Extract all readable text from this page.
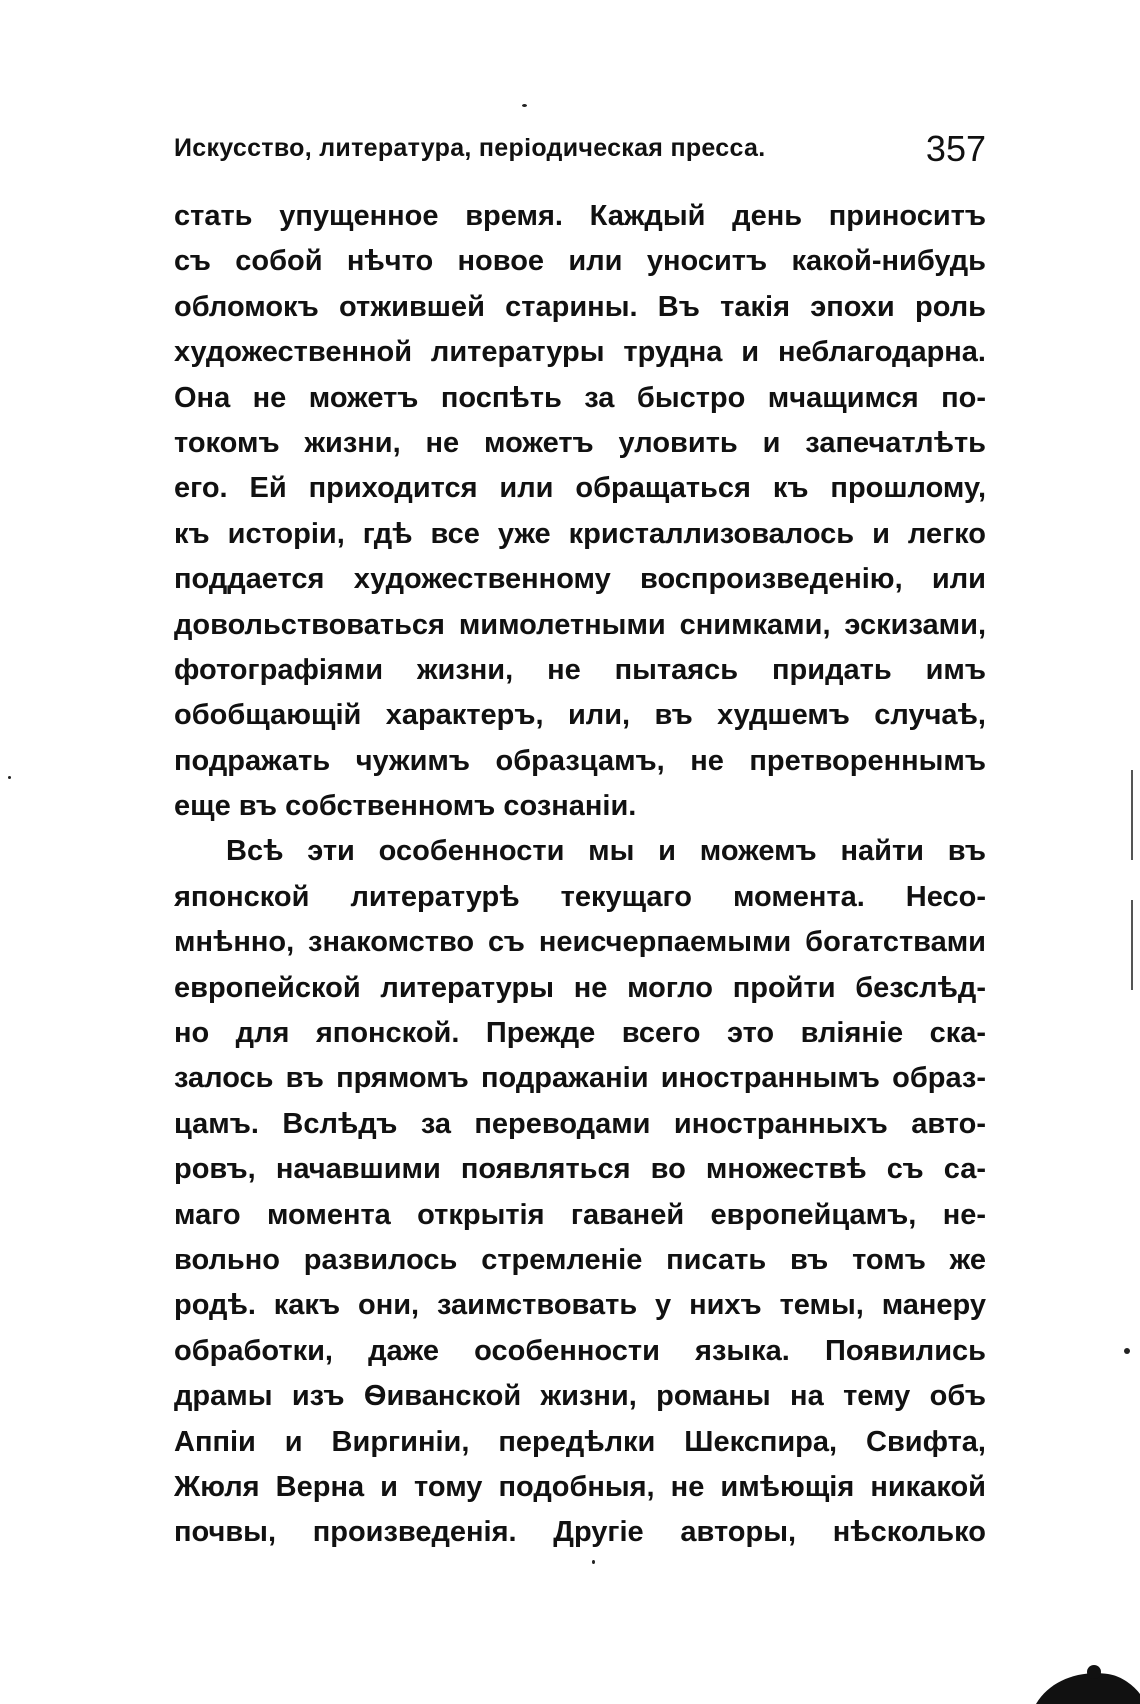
Искусство, литература, періодическая пресса.	357
стать упущенное время. Каждый день приноситъ
съ собой нѣчто новое или уноситъ какой-нибудь
обломокъ отжившей старины. Въ такія эпохи роль
художественной литературы трудна и неблагодарна.
Она не можетъ поспѣть за быстро мчащимся по-
токомъ жизни, не можетъ уловить и запечатлѣть
его. Ей приходится или обращаться къ прошлому,
къ исторіи, гдѣ все уже кристаллизовалось и легко
поддается художественному воспроизведенію, или
довольствоваться мимолетными снимками, эскизами,
фотографіями жизни, не пытаясь придать имъ
обобщающій характеръ, или, въ худшемъ случаѣ,
подражать чужимъ образцамъ, не претвореннымъ
еще въ собственномъ сознаніи.
Всѣ эти особенности мы и можемъ найти въ
японской литературѣ текущаго момента. Несо-
мнѣнно, знакомство съ неисчерпаемыми богатствами
европейской литературы не могло пройти безслѣд-
но для японской. Прежде всего это вліяніе ска-
залось въ прямомъ подражаніи иностраннымъ образ-
цамъ. Вслѣдъ за переводами иностранныхъ авто-
ровъ, начавшими появляться во множествѣ съ са-
маго момента открытія гаваней европейцамъ, не-
вольно развилось стремленіе писать въ томъ же
родѣ. какъ они, заимствовать у нихъ темы, манеру
обработки, даже особенности языка. Появились
драмы изъ Ѳиванской жизни, романы на тему объ
Аппіи и Виргиніи, передѣлки Шекспира, Свифта,
Жюля Верна и тому подобныя, не имѣющія никакой
почвы, произведенія. Другіе авторы, нѣсколько
